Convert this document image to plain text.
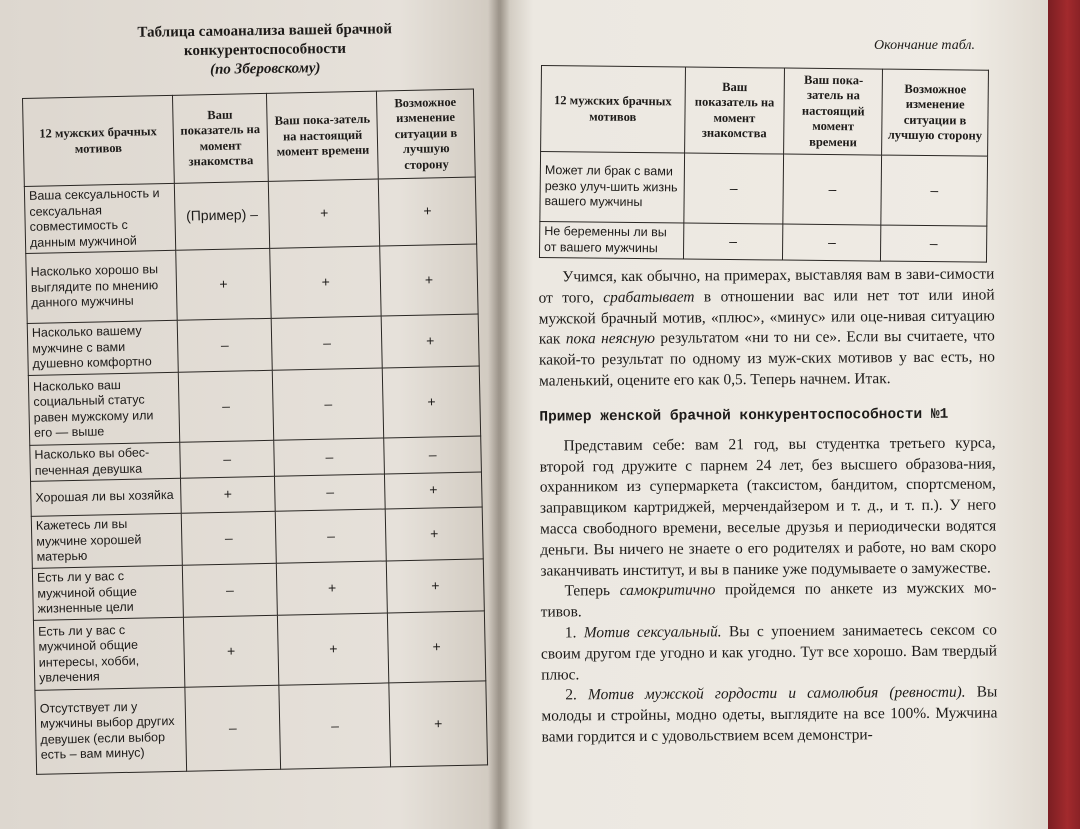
Таблица самоанализа вашей брачной
конкурентоспособности
(по Зберовскому)
12 мужских брачных мотивов	Ваш показатель на момент знакомства	Ваш пока-затель на настоящий момент времени	Возможное изменение ситуации в лучшую сторону
Ваша сексуальность и сексуальная совместимость с данным мужчиной	(Пример) –	+	+
Насколько хорошо вы выглядите по мнению данного мужчины	+	+	+
Насколько вашему мужчине с вами душевно комфортно	–	–	+
Насколько ваш социальный статус равен мужскому или его — выше	–	–	+
Насколько вы обес-печенная девушка	–	–	–
Хорошая ли вы хозяйка	+	–	+
Кажетесь ли вы мужчине хорошей матерью	–	–	+
Есть ли у вас с мужчиной общие жизненные цели	–	+	+
Есть ли у вас с мужчиной общие интересы, хобби, увлечения	+	+	+
Отсутствует ли у мужчины выбор других девушек (если выбор есть – вам минус)	–	–	+
Окончание табл.
12 мужских брачных мотивов	Ваш показатель на момент знакомства	Ваш пока-затель на настоящий момент времени	Возможное изменение ситуации в лучшую сторону
Может ли брак с вами резко улуч-шить жизнь вашего мужчины	–	–	–
Не беременны ли вы от вашего мужчины	–	–	–

Учимся, как обычно, на примерах, выставляя вам в зави-симости от того, срабатывает в отношении вас или нет тот или иной мужской брачный мотив, «плюс», «минус» или оце-нивая ситуацию как пока неясную результатом «ни то ни се». Если вы считаете, что какой-то результат по одному из муж-ских мотивов у вас есть, но маленький, оцените его как 0,5. Теперь начнем. Итак.

Пример женской брачной конкурентоспособности №1

Представим себе: вам 21 год, вы студентка третьего курса, второй год дружите с парнем 24 лет, без высшего образова-ния, охранником из супермаркета (таксистом, бандитом, спортсменом, заправщиком картриджей, мерчендайзером и т. д., и т. п.). У него масса свободного времени, веселые друзья и периодически водятся деньги. Вы ничего не знаете о его родителях и работе, но вам скоро заканчивать институт, и вы в панике уже подумываете о замужестве.

Теперь самокритично пройдемся по анкете из мужских мо-тивов.

1. Мотив сексуальный. Вы с упоением занимаетесь сексом со своим другом где угодно и как угодно. Тут все хорошо. Вам твердый плюс.

2. Мотив мужской гордости и самолюбия (ревности). Вы молоды и стройны, модно одеты, выглядите на все 100%. Мужчина вами гордится и с удовольствием всем демонстри-
